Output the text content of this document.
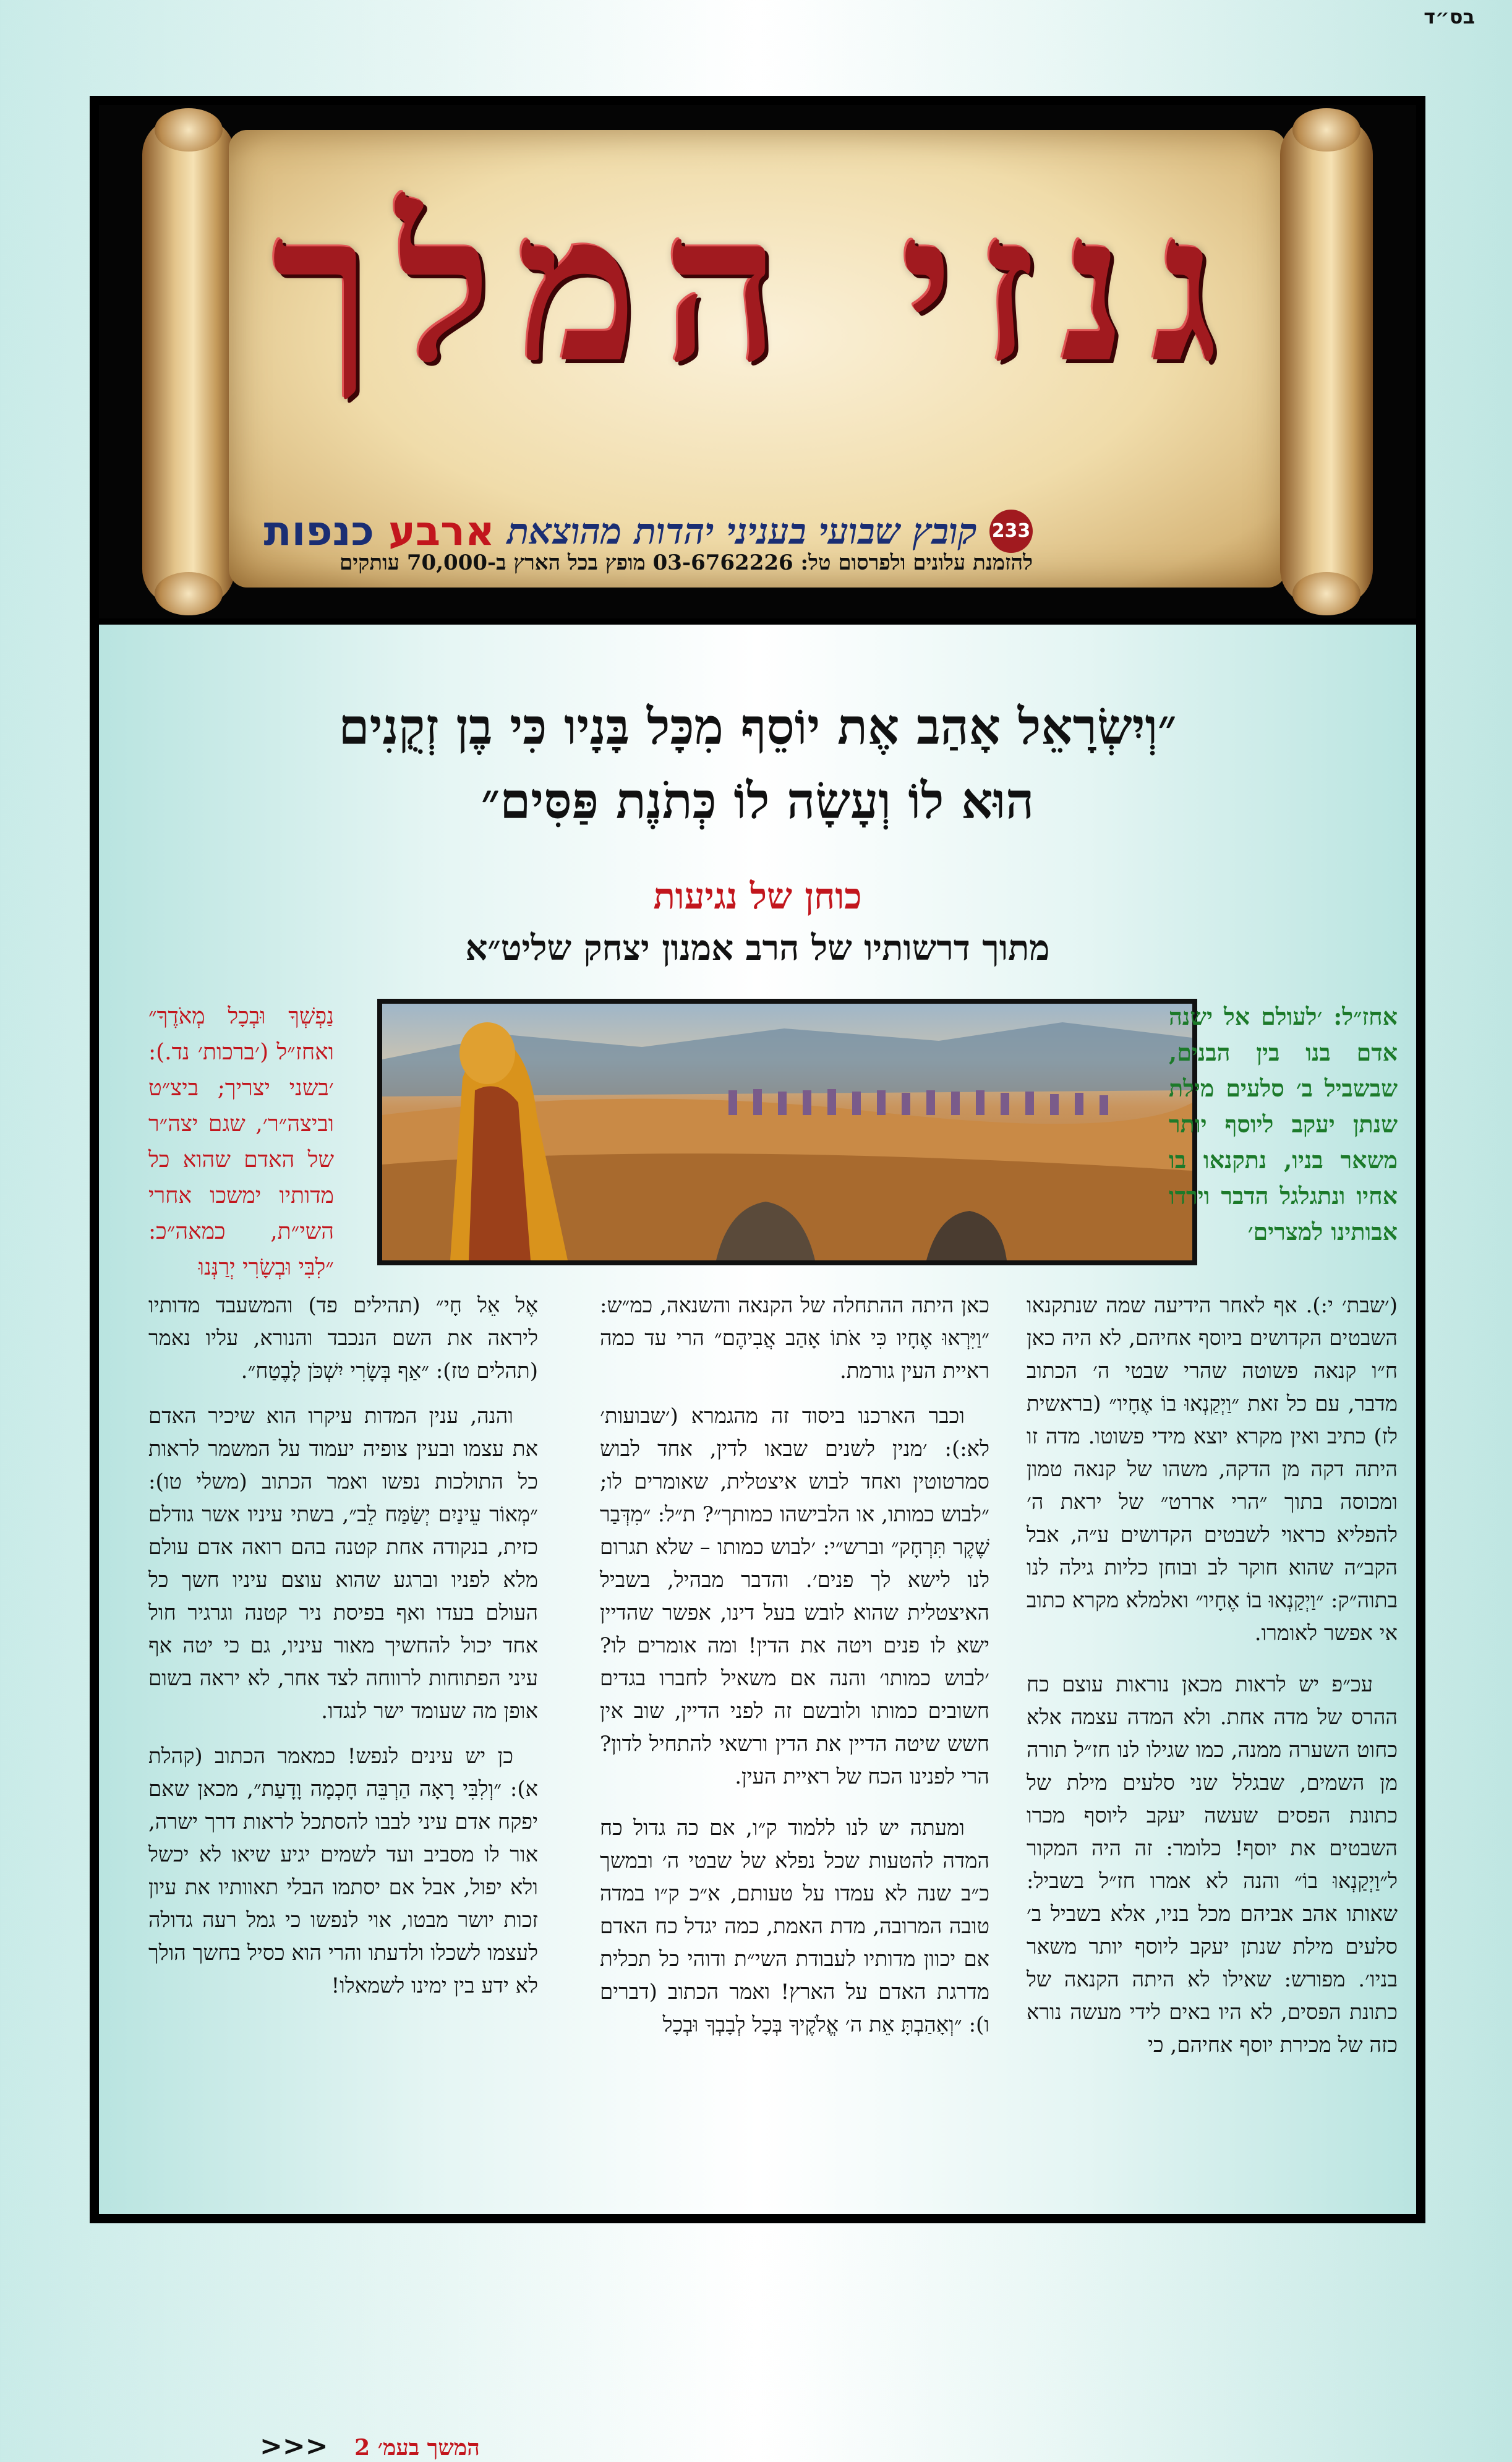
בס״ד
גנזי המלך
233
קובץ שבועי בעניני יהדות מהוצאת
ארבע כנפות
להזמנת עלונים ולפרסום טל: 03-6762226 מופץ בכל הארץ ב-70,000 עותקים
״וְיִשְׂרָאֵל אָהַב אֶת יוֹסֵף מִכָּל בָּנָיו כִּי בֶן זְקֻנִים
הוּא לוֹ וְעָשָׂה לוֹ כְּתֹנֶת פַּסִּים״
כוחן של נגיעות
מתוך דרשותיו של הרב אמנון יצחק שליט״א

אחז״ל: ׳לעולם אל ישנה אדם בנו בין הבנים, שבשביל ב׳ סלעים מילת שנתן יעקב ליוסף יותר משאר בניו, נתקנאו בו אחיו ונתגלגל הדבר וירדו אבותינו למצרים׳

(׳שבת׳ י:). אף לאחר הידיעה שמה שנתקנאו השבטים הקדושים ביוסף אחיהם, לא היה כאן ח״ו קנאה פשוטה שהרי שבטי ה׳ הכתוב מדבר, עם כל זאת ״וַיְקַנְאוּ בוֹ אֶחָיו״ (בראשית לז) כתיב ואין מקרא יוצא מידי פשוטו. מדה זו היתה דקה מן הדקה, משהו של קנאה טמון ומכוסה בתוך ״הרי אררט״ של יראת ה׳ להפליא כראוי לשבטים הקדושים ע״ה, אבל הקב״ה שהוא חוקר לב ובוחן כליות גילה לנו בתוה״ק: ״וַיְקַנְאוּ בוֹ אֶחָיו״ ואלמלא מקרא כתוב אי אפשר לאומרו.

עכ״פ יש לראות מכאן נוראות עוצם כח ההרס של מדה אחת. ולא המדה עצמה אלא כחוט השערה ממנה, כמו שגילו לנו חז״ל תורה מן השמים, שבגלל שני סלעים מילת של כתונת הפסים שעשה יעקב ליוסף מכרו השבטים את יוסף! כלומר: זה היה המקור ל״וַיְקַנְאוּ בוֹ״ והנה לא אמרו חז״ל בשביל: שאותו אהב אביהם מכל בניו, אלא בשביל ב׳ סלעים מילת שנתן יעקב ליוסף יותר משאר בניו׳. מפורש: שאילו לא היתה הקנאה של כתונת הפסים, לא היו באים לידי מעשה נורא כזה של מכירת יוסף אחיהם, כי

כאן היתה ההתחלה של הקנאה והשנאה, כמ״ש: ״וַיִּרְאוּ אֶחָיו כִּי אֹתוֹ אָהַב אֲבִיהֶם״ הרי עד כמה ראיית העין גורמת.

וכבר הארכנו ביסוד זה מהגמרא (׳שבועות׳ לא:): ׳מנין לשנים שבאו לדין, אחד לבוש סמרטוטין ואחד לבוש איצטלית, שאומרים לו; ״לבוש כמותו, או הלבישהו כמותך״? ת״ל: ״מִדְּבַר שֶׁקֶר תִּרְחָק״ וברש״י: ׳לבוש כמותו – שלא תגרום לנו לישא לך פנים׳. והדבר מבהיל, בשביל האיצטלית שהוא לובש בעל דינו, אפשר שהדיין ישא לו פנים ויטה את הדין! ומה אומרים לו? ׳לבוש כמותו׳ והנה אם משאיל לחברו בגדים חשובים כמותו ולובשם זה לפני הדיין, שוב אין חשש שיטה הדיין את הדין ורשאי להתחיל לדון? הרי לפנינו הכח של ראיית העין.

ומעתה יש לנו ללמוד ק״ו, אם כה גדול כח המדה להטעות שכל נפלא של שבטי ה׳ ובמשך כ״ב שנה לא עמדו על טעותם, א״כ ק״ו במדה טובה המרובה, מדת האמת, כמה יגדל כח האדם אם יכוון מדותיו לעבודת השי״ת ודוהי כל תכלית מדרגת האדם על הארץ! ואמר הכתוב (דברים ו): ״וְאָהַבְתָּ אֵת ה׳ אֱלֹקֶיךָ בְּכָל לְבָבְךָ וּבְכָל

נַפְשְׁךָ וּבְכָל מְאֹדֶךָ״ ואחז״ל (׳ברכות׳ נד.): ׳בשני יצריך; ביצ״ט וביצה״ר׳, שגם יצה״ר של האדם שהוא כל מדותיו ימשכו אחרי השי״ת, כמאה״כ: ״לִבִּי וּבְשָׂרִי יְרַנְּנוּ

אֶל אֵל חָי״ (תהילים פד) והמשעבד מדותיו ליראה את השם הנכבד והנורא, עליו נאמר (תהלים טז): ״אַף בְּשָׂרִי יִשְׁכֹּן לָבֶטַח״.

והנה, ענין המדות עיקרו הוא שיכיר האדם את עצמו ובעין צופיה יעמוד על המשמר לראות כל התולכות נפשו ואמר הכתוב (משלי טו): ״מְאוֹר עֵינַיִם יְשַׂמַּח לֵב״, בשתי עיניו אשר גודלם כזית, בנקודה אחת קטנה בהם רואה אדם עולם מלא לפניו וברגע שהוא עוצם עיניו חשך כל העולם בעדו ואף בפיסת ניר קטנה וגרגיר חול אחד יכול להחשיך מאור עיניו, גם כי יטה אף עיני הפתוחות לרווחה לצד אחר, לא יראה בשום אופן מה שעומד ישר לנגדו.

כן יש עינים לנפש! כמאמר הכתוב (קהלת א): ״וְלִבִּי רָאָה הַרְבֵּה חָכְמָה וָדָעַת״, מכאן שאם יפקח אדם עיני לבבו להסתכל לראות דרך ישרה, אור לו מסביב ועד לשמים יגיע שיאו לא יכשל ולא יפול, אבל אם יסתמו הבלי תאוותיו את עיון זכות יושר מבטו, אוי לנפשו כי גמל רעה גדולה לעצמו לשכלו ולדעתו והרי הוא כסיל בחשך הולך לא ידע בין ימינו לשמאלו!

המשך בעמ׳ 2 <<<
